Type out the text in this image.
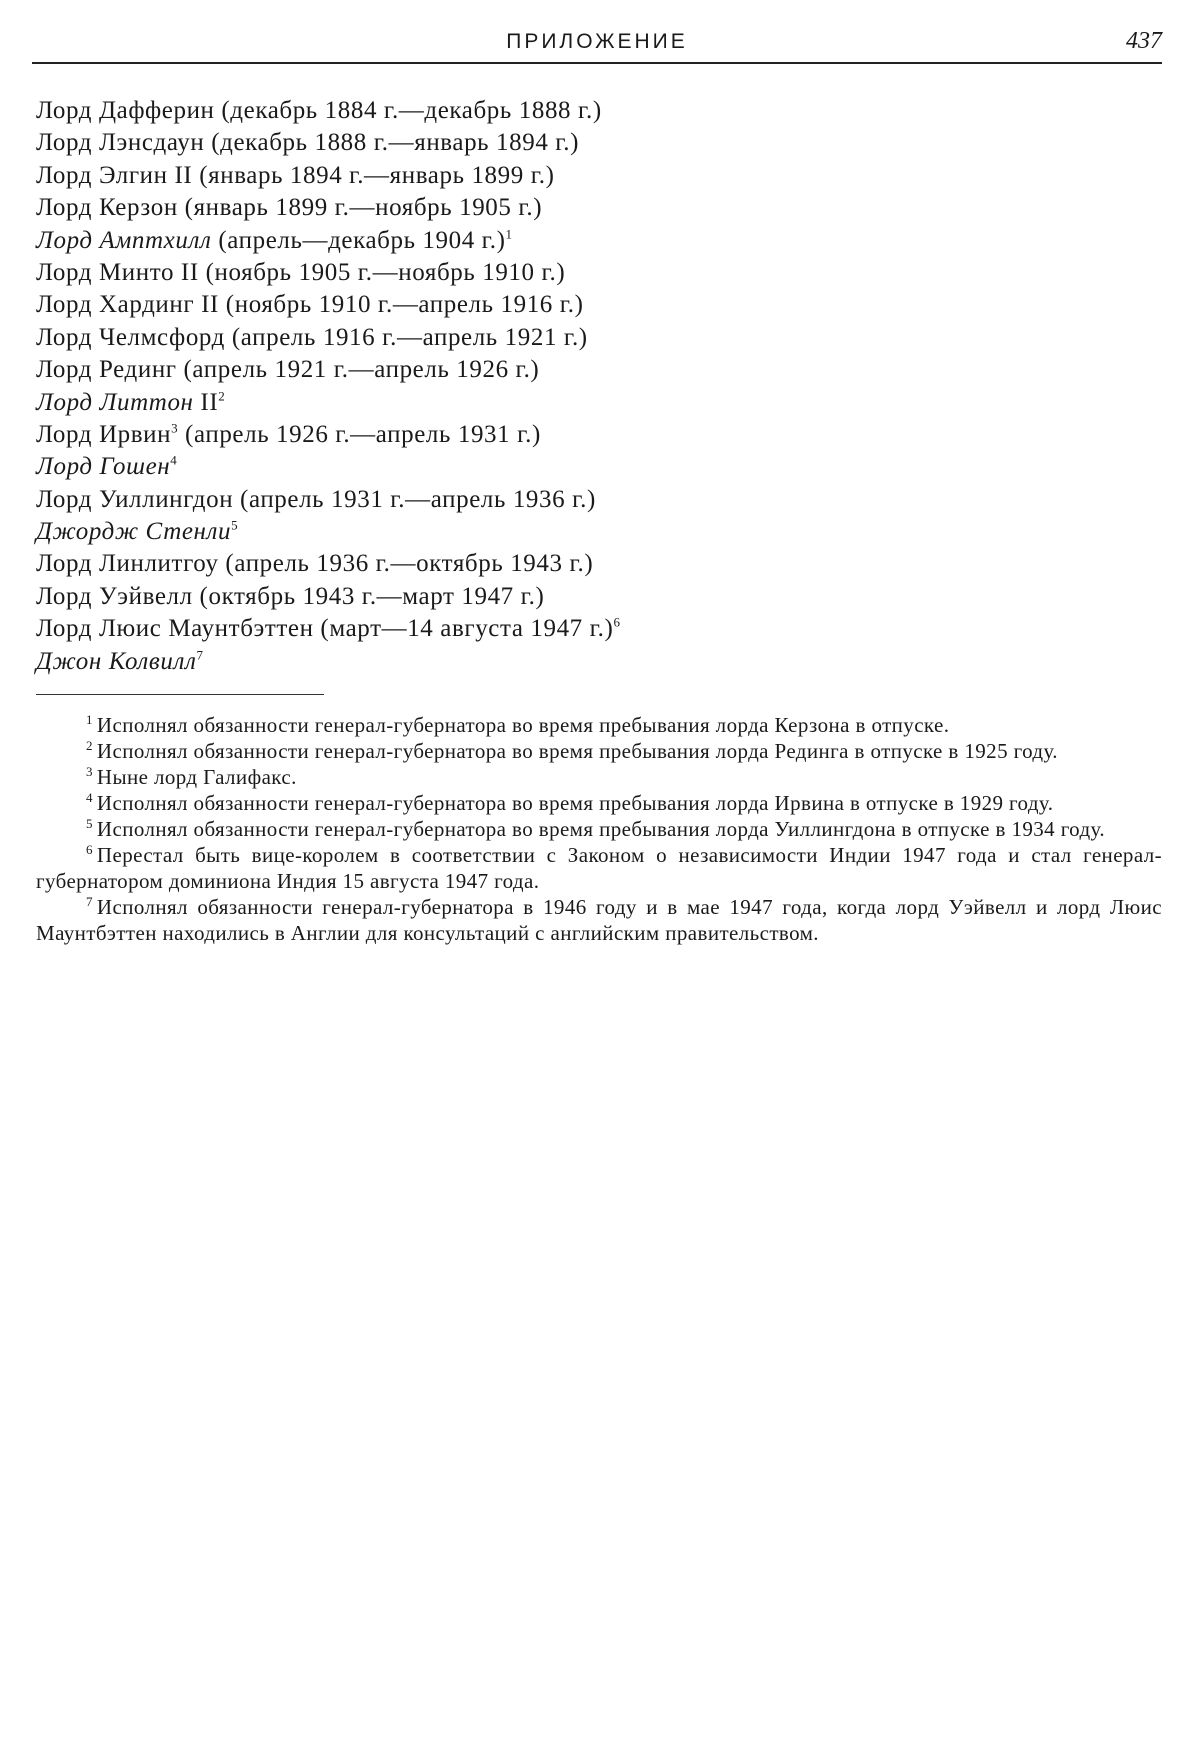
ПРИЛОЖЕНИЕ	437
Лорд Дафферин (декабрь 1884 г.—декабрь 1888 г.)
Лорд Лэнсдаун (декабрь 1888 г.—январь 1894 г.)
Лорд Элгин II (январь 1894 г.—январь 1899 г.)
Лорд Керзон (январь 1899 г.—ноябрь 1905 г.)
Лорд Амптхилл (апрель—декабрь 1904 г.)$^1$
Лорд Минто II (ноябрь 1905 г.—ноябрь 1910 г.)
Лорд Хардинг II (ноябрь 1910 г.—апрель 1916 г.)
Лорд Челмсфорд (апрель 1916 г.—апрель 1921 г.)
Лорд Рединг (апрель 1921 г.—апрель 1926 г.)
Лорд Литтон $II^2$
Лорд Ирвин$^3$ (апрель 1926 г.—апрель 1931 г.)
Лорд Гошен$^4$
Лорд Уиллингдон (апрель 1931 г.—апрель 1936 г.)
Джордж Стенли$^5$
Лорд Линлитгоу (апрель 1936 г.—октябрь 1943 г.)
Лорд Уэйвелл (октябрь 1943 г.—март 1947 г.)
Лорд Люис Маунтбэттен (март—14 августа 1947 г.)$^6$
Джон Колвилл$^7$

$^1$ Исполнял обязанности генерал-губернатора во время пребывания лорда Керзона в отпуске.

$^2$ Исполнял обязанности генерал-губернатора во время пребывания лорда Рединга в отпуске в 1925 году.

$^3$ Ныне лорд Галифакс.

$^4$ Исполнял обязанности генерал-губернатора во время пребывания лорда Ирвина в отпуске в 1929 году.

$^5$ Исполнял обязанности генерал-губернатора во время пребывания лорда Уиллингдона в отпуске в 1934 году.

$^6$ Перестал быть вице-королем в соответствии с Законом о независимости Индии 1947 года и стал генерал-губернатором доминиона Индия 15 августа 1947 года.

$^7$ Исполнял обязанности генерал-губернатора в 1946 году и в мае 1947 года, когда лорд Уэйвелл и лорд Люис Маунтбэттен находились в Англии для консультаций с английским правительством.
